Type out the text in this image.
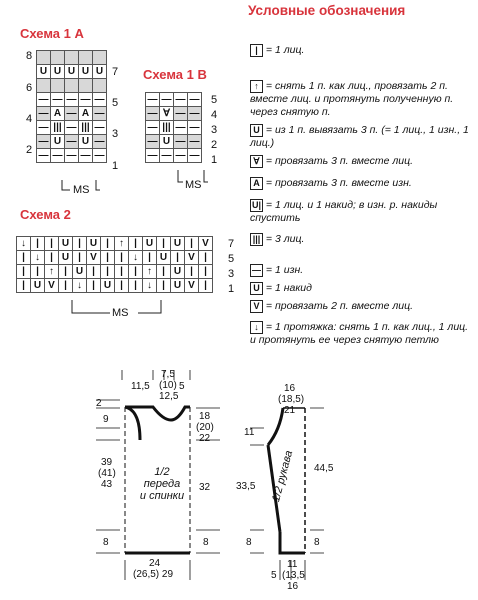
Схема 1 А
Схема 1 В
Схема 2
Условные обозначения

U	U	U	U	U

—	—	—	—	—
—	A	—	A	—
—	|||	—	|||	—
—	U	—	U	—
—	—	—	—	—
8
7
6
5
4
3
2
1
MS
—	—	—	—
—	∀	—	—
—	|||	—	—
—	U	—	—
—	—	—	—
5
4
3
2
1
MS
↓	|	|	U	|	U	|	↑	|	U	|	U	|	V
|	↓	|	U	|	V	|	|	↓	|	U	|	V	|
|	|	↑	|	U	|	|	|	|	↑	|	U	|	|
|	U	V	|	↓	|	U	|	|	↓	|	U	V	|
7
5
3
1
MS
| = 1 лиц.
↑ = снять 1 п. как лиц., провязать 2 п. вместе лиц. и протянуть полученную п. через снятую п.
U = из 1 п. вывязать 3 п. (= 1 лиц., 1 изн., 1 лиц.)
∀ = провязать 3 п. вместе лиц.
A = провязать 3 п. вместе изн.
U| = 1 лиц. и 1 накид; в изн. р. накиды спустить
||| = 3 лиц.
— = 1 изн.
U = 1 накид
V = провязать 2 п. вместе лиц.
↓ = 1 протяжка: снять 1 п. как лиц., 1 лиц. и протянуть ее через снятую петлю
1/2
переда
и спинки
11,5
7,5
(10)
12,5
5
2
9
39
(41)
43
8
18
(20)
22
32
8
24
(26,5) 29
1/2 рукава
16
(18,5)
21
11
33,5
8
44,5
8
11
5 (13,5
16
